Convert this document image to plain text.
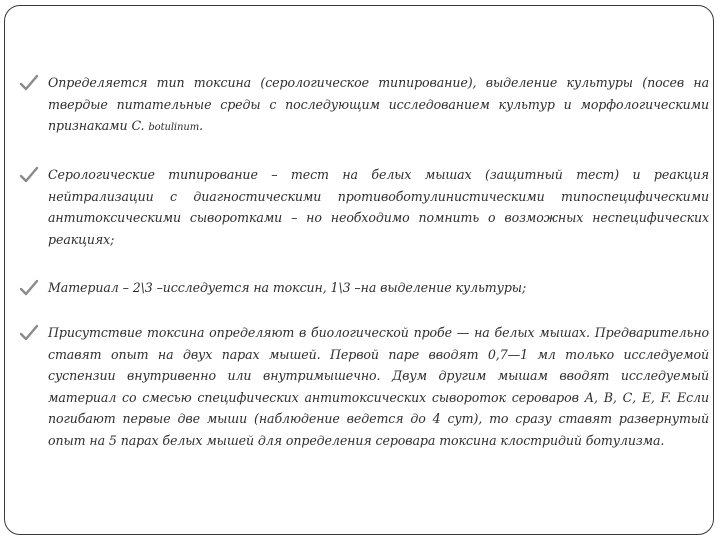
Определяется тип токсина (серологическое типирование), выделение культуры (посев на твердые питательные среды с последующим исследованием культур и морфологическими признаками C. botulinum.
Серологические типирование – тест на белых мышах (защитный тест) и реакция нейтрализации с диагностическими противоботулинистическими типоспецифическими антитоксическими сыворотками – но необходимо помнить о возможных неспецифических реакциях;
Материал – 2\3 –исследуется на токсин, 1\3 –на выделение культуры;
Присутствие токсина определяют в биологической пробе — на белых мышах. Предварительно ставят опыт на двух парах мышей. Первой паре вводят 0,7—1 мл только исследуемой суспензии внутривенно или внутримышечно. Двум другим мышам вводят исследуемый материал со смесью специфических антитоксических сывороток сероваров А, В, С, Е, F. Если погибают первые две мыши (наблюдение ведется до 4 сут), то сразу ставят развернутый опыт на 5 парах белых мышей для определения серовара токсина клостридий ботулизма.
